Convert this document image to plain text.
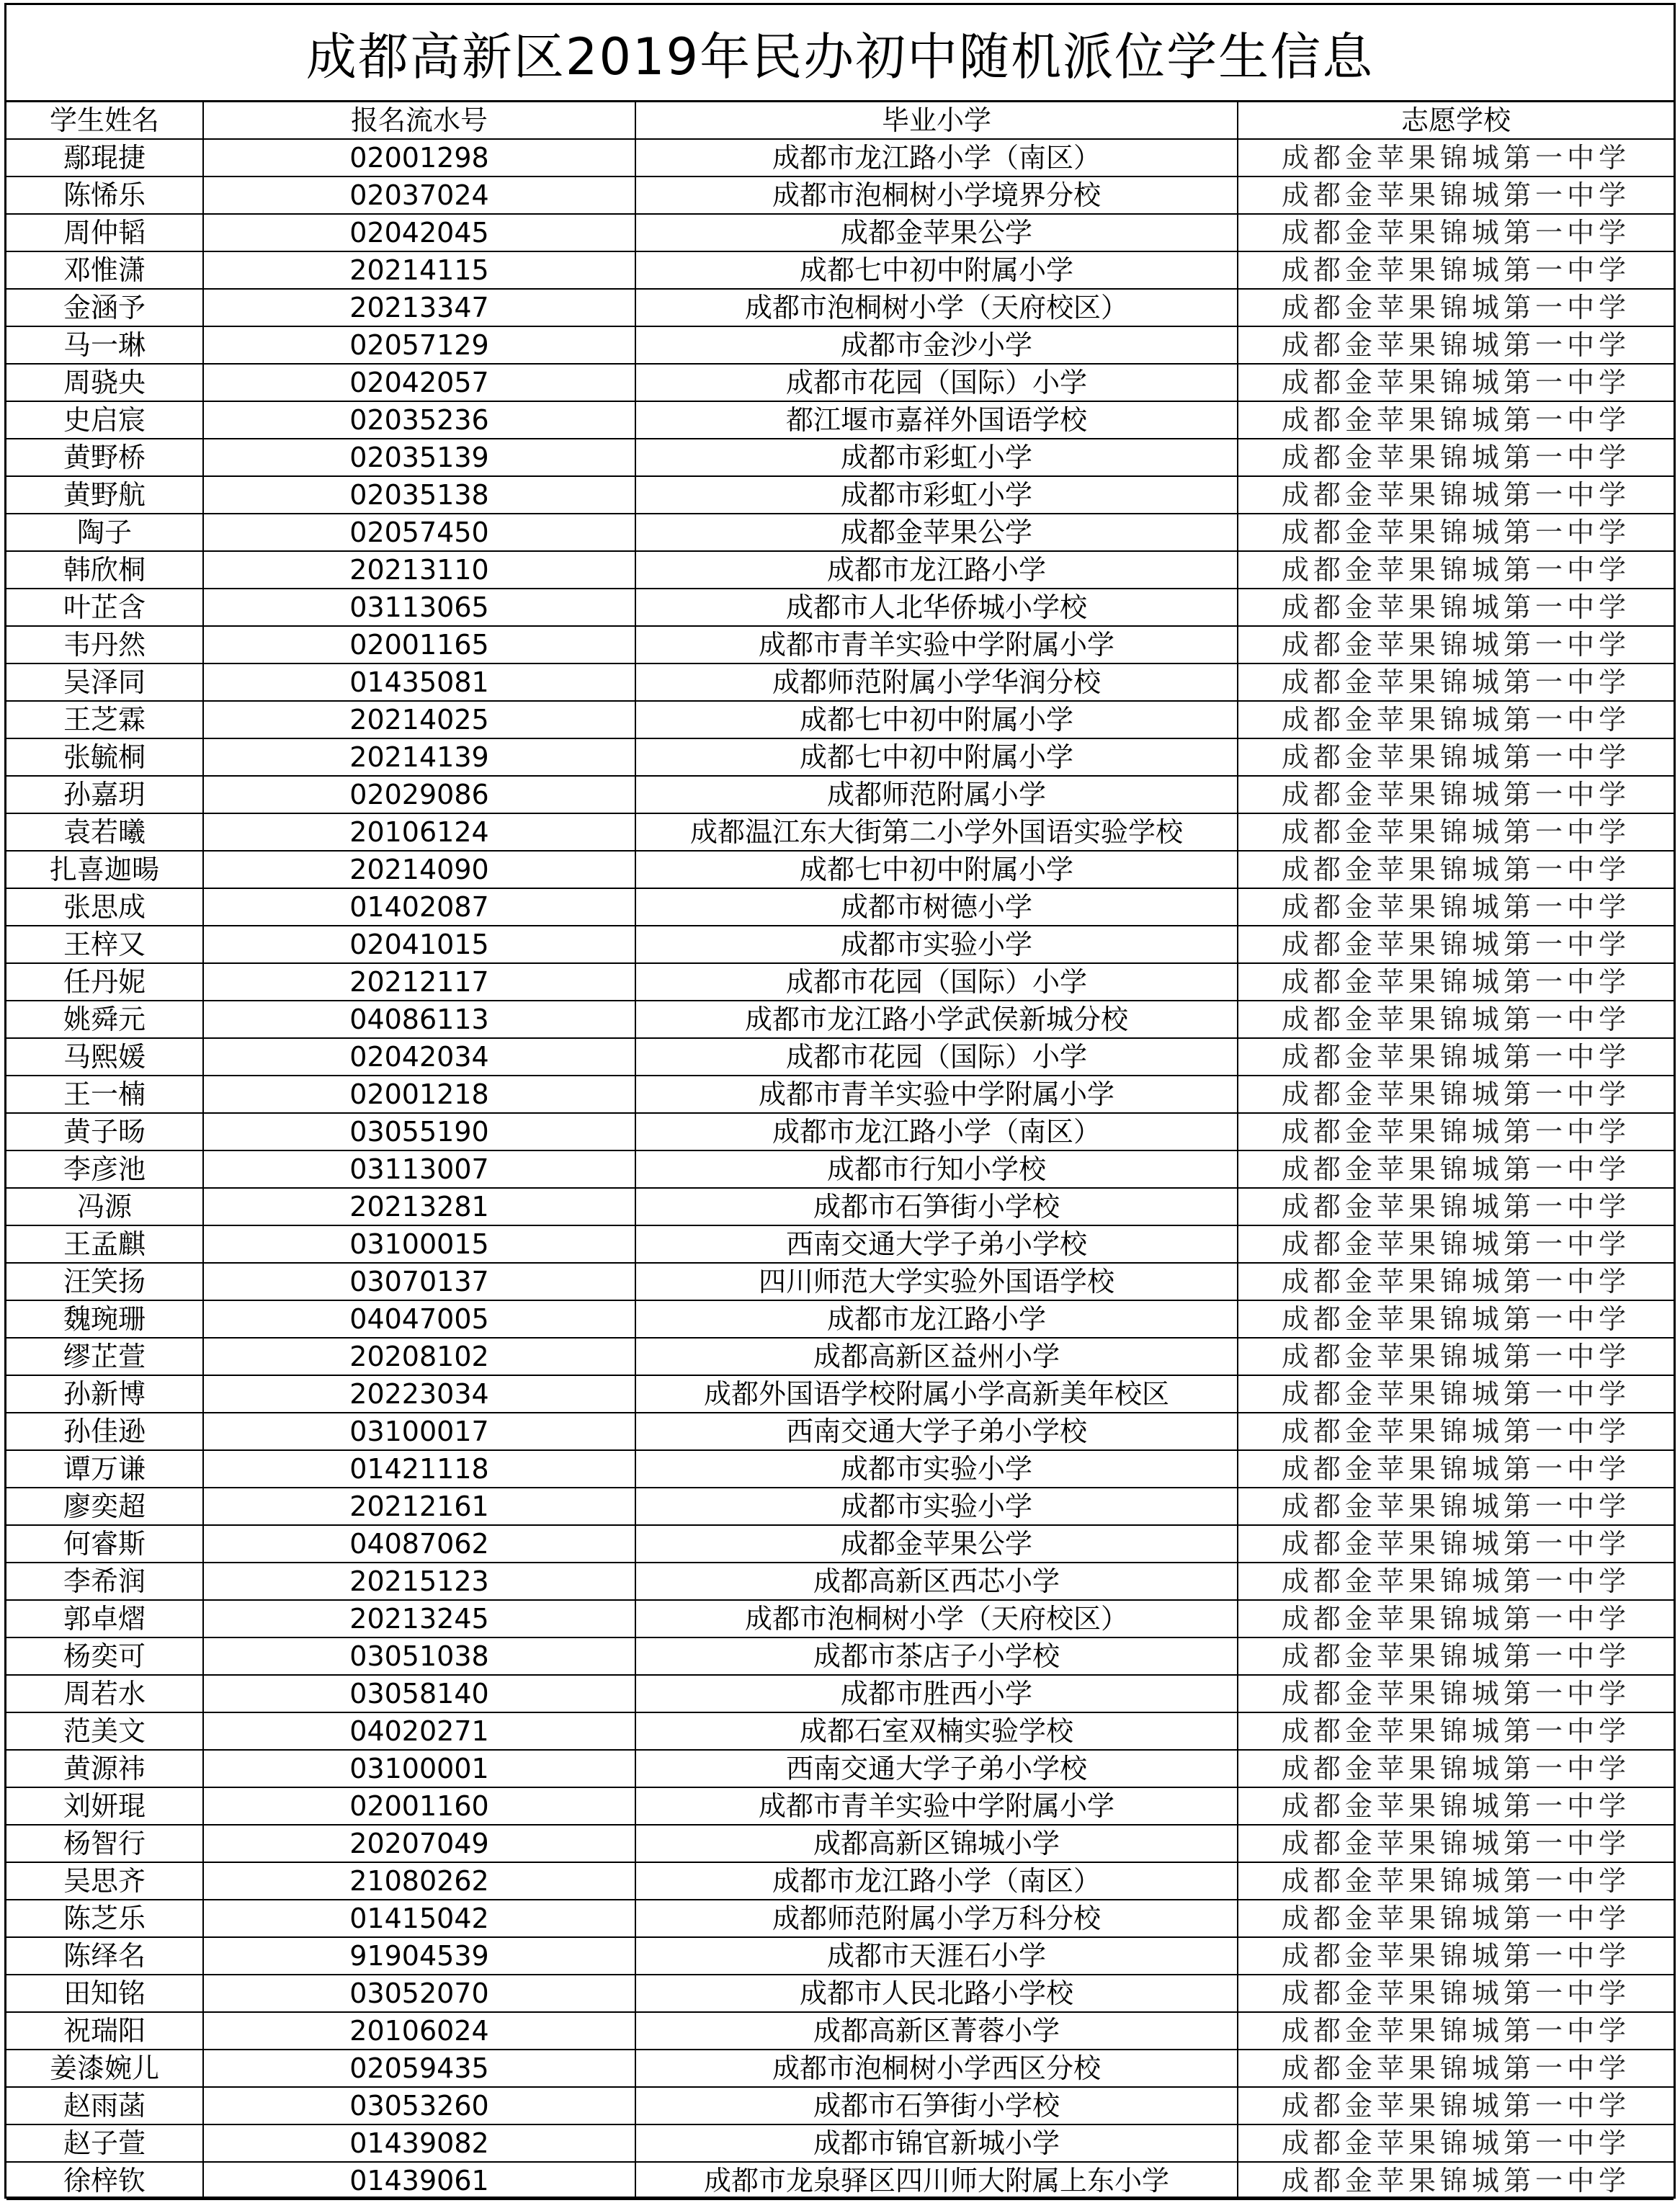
成都高新区2019年民办初中随机派位学生信息
学生姓名	报名流水号	毕业小学	志愿学校
鄢琨捷	02001298	成都市龙江路小学（南区）	成都金苹果锦城第一中学
陈悕乐	02037024	成都市泡桐树小学境界分校	成都金苹果锦城第一中学
周仲韬	02042045	成都金苹果公学	成都金苹果锦城第一中学
邓惟潇	20214115	成都七中初中附属小学	成都金苹果锦城第一中学
金涵予	20213347	成都市泡桐树小学（天府校区）	成都金苹果锦城第一中学
马一琳	02057129	成都市金沙小学	成都金苹果锦城第一中学
周骁央	02042057	成都市花园（国际）小学	成都金苹果锦城第一中学
史启宸	02035236	都江堰市嘉祥外国语学校	成都金苹果锦城第一中学
黄野桥	02035139	成都市彩虹小学	成都金苹果锦城第一中学
黄野航	02035138	成都市彩虹小学	成都金苹果锦城第一中学
陶子	02057450	成都金苹果公学	成都金苹果锦城第一中学
韩欣桐	20213110	成都市龙江路小学	成都金苹果锦城第一中学
叶芷含	03113065	成都市人北华侨城小学校	成都金苹果锦城第一中学
韦丹然	02001165	成都市青羊实验中学附属小学	成都金苹果锦城第一中学
吴泽同	01435081	成都师范附属小学华润分校	成都金苹果锦城第一中学
王芝霖	20214025	成都七中初中附属小学	成都金苹果锦城第一中学
张毓桐	20214139	成都七中初中附属小学	成都金苹果锦城第一中学
孙嘉玥	02029086	成都师范附属小学	成都金苹果锦城第一中学
袁若曦	20106124	成都温江东大街第二小学外国语实验学校	成都金苹果锦城第一中学
扎喜迦暘	20214090	成都七中初中附属小学	成都金苹果锦城第一中学
张思成	01402087	成都市树德小学	成都金苹果锦城第一中学
王梓又	02041015	成都市实验小学	成都金苹果锦城第一中学
任丹妮	20212117	成都市花园（国际）小学	成都金苹果锦城第一中学
姚舜元	04086113	成都市龙江路小学武侯新城分校	成都金苹果锦城第一中学
马熙媛	02042034	成都市花园（国际）小学	成都金苹果锦城第一中学
王一楠	02001218	成都市青羊实验中学附属小学	成都金苹果锦城第一中学
黄子旸	03055190	成都市龙江路小学（南区）	成都金苹果锦城第一中学
李彦池	03113007	成都市行知小学校	成都金苹果锦城第一中学
冯源	20213281	成都市石笋街小学校	成都金苹果锦城第一中学
王孟麒	03100015	西南交通大学子弟小学校	成都金苹果锦城第一中学
汪笑扬	03070137	四川师范大学实验外国语学校	成都金苹果锦城第一中学
魏琬珊	04047005	成都市龙江路小学	成都金苹果锦城第一中学
缪芷萱	20208102	成都高新区益州小学	成都金苹果锦城第一中学
孙新博	20223034	成都外国语学校附属小学高新美年校区	成都金苹果锦城第一中学
孙佳逊	03100017	西南交通大学子弟小学校	成都金苹果锦城第一中学
谭万谦	01421118	成都市实验小学	成都金苹果锦城第一中学
廖奕超	20212161	成都市实验小学	成都金苹果锦城第一中学
何睿斯	04087062	成都金苹果公学	成都金苹果锦城第一中学
李希润	20215123	成都高新区西芯小学	成都金苹果锦城第一中学
郭卓熠	20213245	成都市泡桐树小学（天府校区）	成都金苹果锦城第一中学
杨奕可	03051038	成都市茶店子小学校	成都金苹果锦城第一中学
周若水	03058140	成都市胜西小学	成都金苹果锦城第一中学
范美文	04020271	成都石室双楠实验学校	成都金苹果锦城第一中学
黄源祎	03100001	西南交通大学子弟小学校	成都金苹果锦城第一中学
刘妍琨	02001160	成都市青羊实验中学附属小学	成都金苹果锦城第一中学
杨智行	20207049	成都高新区锦城小学	成都金苹果锦城第一中学
吴思齐	21080262	成都市龙江路小学（南区）	成都金苹果锦城第一中学
陈芝乐	01415042	成都师范附属小学万科分校	成都金苹果锦城第一中学
陈绎名	91904539	成都市天涯石小学	成都金苹果锦城第一中学
田知铭	03052070	成都市人民北路小学校	成都金苹果锦城第一中学
祝瑞阳	20106024	成都高新区菁蓉小学	成都金苹果锦城第一中学
姜漆婉儿	02059435	成都市泡桐树小学西区分校	成都金苹果锦城第一中学
赵雨菡	03053260	成都市石笋街小学校	成都金苹果锦城第一中学
赵子萱	01439082	成都市锦官新城小学	成都金苹果锦城第一中学
徐梓钦	01439061	成都市龙泉驿区四川师大附属上东小学	成都金苹果锦城第一中学
